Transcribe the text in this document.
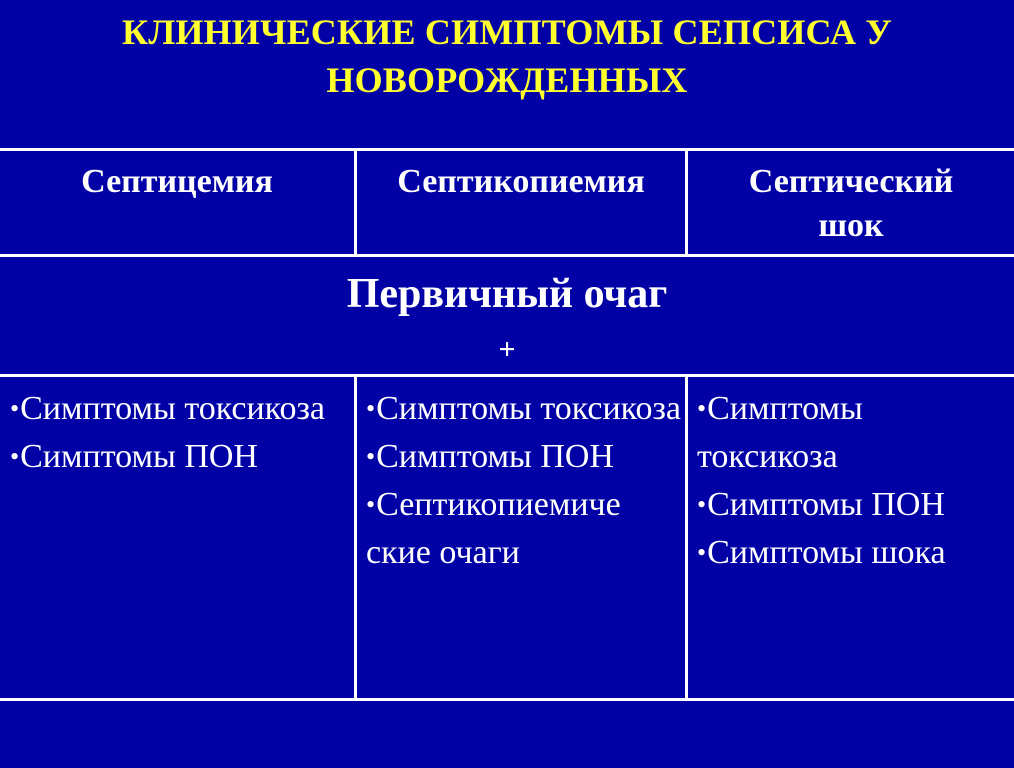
КЛИНИЧЕСКИЕ СИМПТОМЫ СЕПСИСА У
НОВОРОЖДЕННЫХ
Септицемия	Септикопиемия	Септический
шок
Первичный очаг
+

•Симптомы токсикоза

•Симптомы ПОН

•Симптомы токсикоза

•Симптомы ПОН

•Септикопиемиче ские очаги

•Симптомы токсикоза

•Симптомы ПОН

•Симптомы шока
